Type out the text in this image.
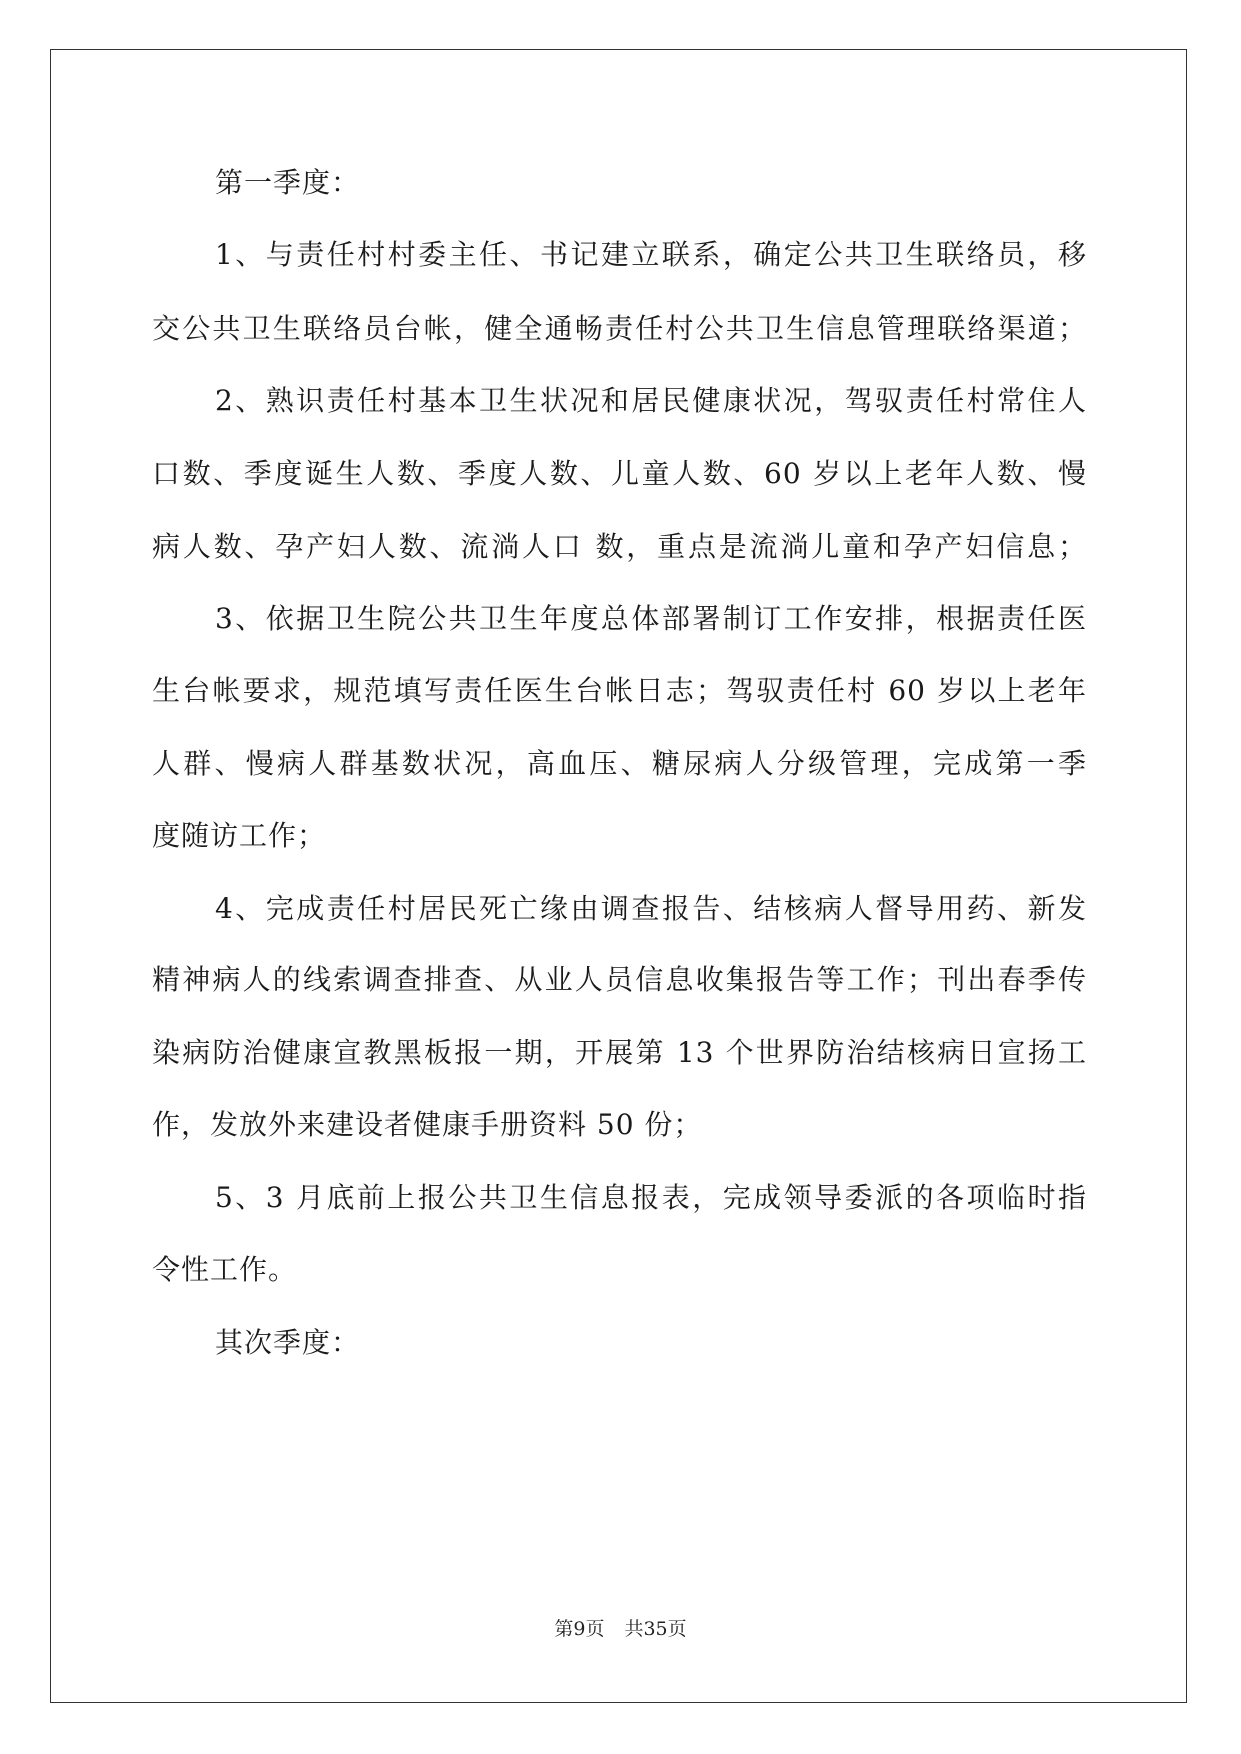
第一季度：
1、与责任村村委主任、书记建立联系，确定公共卫生联络员，移
交公共卫生联络员台帐，健全通畅责任村公共卫生信息管理联络渠道；
2、熟识责任村基本卫生状况和居民健康状况，驾驭责任村常住人
口数、季度诞生人数、季度人数、儿童人数、60 岁以上老年人数、慢
病人数、孕产妇人数、流淌人口 数，重点是流淌儿童和孕产妇信息；
3、依据卫生院公共卫生年度总体部署制订工作安排，根据责任医
生台帐要求，规范填写责任医生台帐日志；驾驭责任村 60 岁以上老年
人群、慢病人群基数状况，高血压、糖尿病人分级管理，完成第一季
度随访工作；
4、完成责任村居民死亡缘由调查报告、结核病人督导用药、新发
精神病人的线索调查排查、从业人员信息收集报告等工作；刊出春季传
染病防治健康宣教黑板报一期，开展第 13 个世界防治结核病日宣扬工
作，发放外来建设者健康手册资料 50 份；
5、3 月底前上报公共卫生信息报表，完成领导委派的各项临时指
令性工作。
其次季度：
第9页 共35页
